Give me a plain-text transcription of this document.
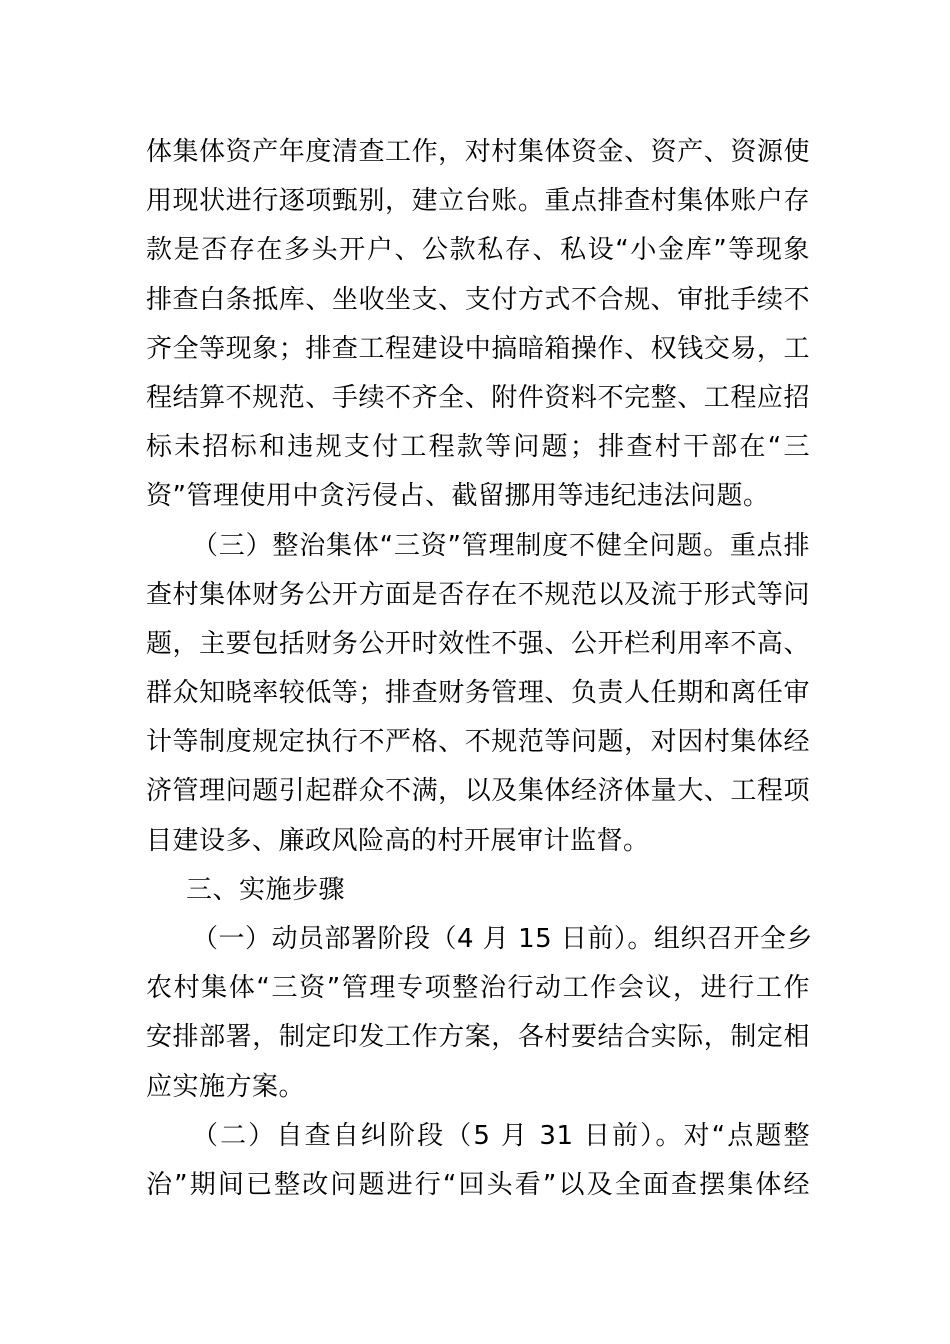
体集体资产年度清查工作，对村集体资金、资产、资源使
用现状进行逐项甄别，建立台账。重点排查村集体账户存
款是否存在多头开户、公款私存、私设“小金库”等现象
排查白条抵库、坐收坐支、支付方式不合规、审批手续不
齐全等现象；排查工程建设中搞暗箱操作、权钱交易，工
程结算不规范、手续不齐全、附件资料不完整、工程应招
标未招标和违规支付工程款等问题；排查村干部在“三
资”管理使用中贪污侵占、截留挪用等违纪违法问题。
（三）整治集体“三资”管理制度不健全问题。重点排
查村集体财务公开方面是否存在不规范以及流于形式等问
题，主要包括财务公开时效性不强、公开栏利用率不高、
群众知晓率较低等；排查财务管理、负责人任期和离任审
计等制度规定执行不严格、不规范等问题，对因村集体经
济管理问题引起群众不满，以及集体经济体量大、工程项
目建设多、廉政风险高的村开展审计监督。
三、实施步骤
（一）动员部署阶段（4 月 15 日前）。组织召开全乡
农村集体“三资”管理专项整治行动工作会议，进行工作
安排部署，制定印发工作方案，各村要结合实际，制定相
应实施方案。
（二）自查自纠阶段（5 月 31 日前）。对“点题整
治”期间已整改问题进行“回头看”以及全面查摆集体经
